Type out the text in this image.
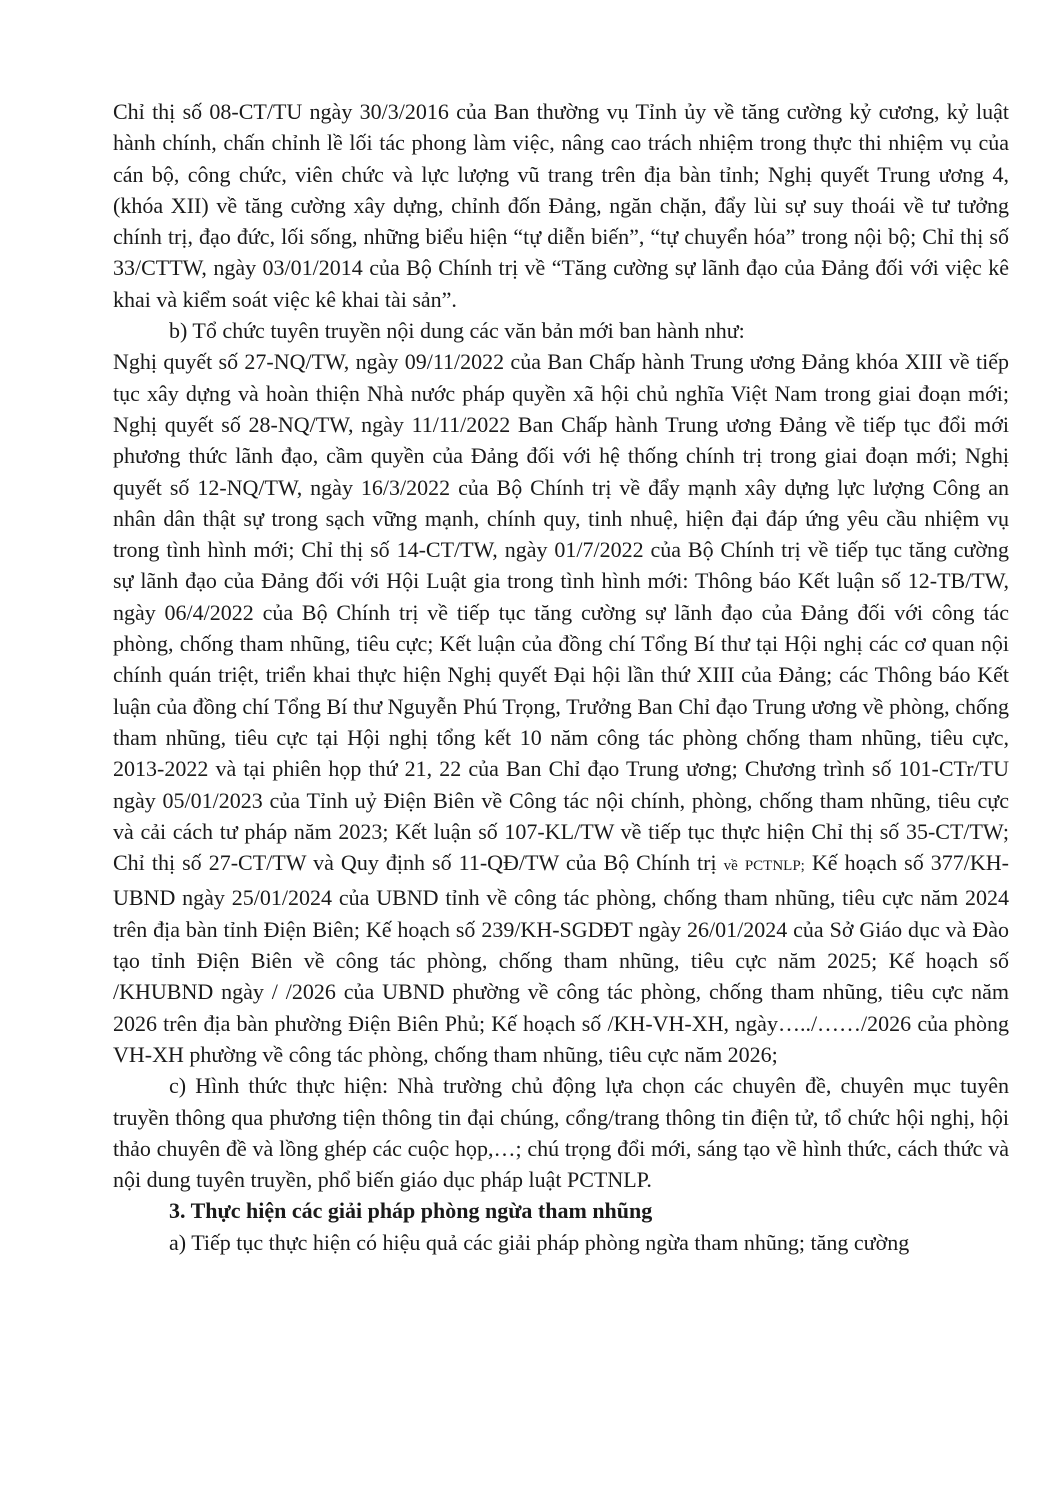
Chỉ thị số 08-CT/TU ngày 30/3/2016 của Ban thường vụ Tỉnh ủy về tăng cường kỷ cương, kỷ luật hành chính, chấn chỉnh lề lối tác phong làm việc, nâng cao trách nhiệm trong thực thi nhiệm vụ của cán bộ, công chức, viên chức và lực lượng vũ trang trên địa bàn tỉnh; Nghị quyết Trung ương 4, (khóa XII) về tăng cường xây dựng, chỉnh đốn Đảng, ngăn chặn, đẩy lùi sự suy thoái về tư tưởng chính trị, đạo đức, lối sống, những biểu hiện “tự diễn biến”, “tự chuyển hóa” trong nội bộ; Chỉ thị số 33/CTTW, ngày 03/01/2014 của Bộ Chính trị về “Tăng cường sự lãnh đạo của Đảng đối với việc kê khai và kiểm soát việc kê khai tài sản”.

b) Tổ chức tuyên truyền nội dung các văn bản mới ban hành như:

Nghị quyết số 27-NQ/TW, ngày 09/11/2022 của Ban Chấp hành Trung ương Đảng khóa XIII về tiếp tục xây dựng và hoàn thiện Nhà nước pháp quyền xã hội chủ nghĩa Việt Nam trong giai đoạn mới; Nghị quyết số 28-NQ/TW, ngày 11/11/2022 Ban Chấp hành Trung ương Đảng về tiếp tục đổi mới phương thức lãnh đạo, cầm quyền của Đảng đối với hệ thống chính trị trong giai đoạn mới; Nghị quyết số 12-NQ/TW, ngày 16/3/2022 của Bộ Chính trị về đẩy mạnh xây dựng lực lượng Công an nhân dân thật sự trong sạch vững mạnh, chính quy, tinh nhuệ, hiện đại đáp ứng yêu cầu nhiệm vụ trong tình hình mới; Chỉ thị số 14-CT/TW, ngày 01/7/2022 của Bộ Chính trị về tiếp tục tăng cường sự lãnh đạo của Đảng đối với Hội Luật gia trong tình hình mới: Thông báo Kết luận số 12-TB/TW, ngày 06/4/2022 của Bộ Chính trị về tiếp tục tăng cường sự lãnh đạo của Đảng đối với công tác phòng, chống tham nhũng, tiêu cực; Kết luận của đồng chí Tổng Bí thư tại Hội nghị các cơ quan nội chính quán triệt, triển khai thực hiện Nghị quyết Đại hội lần thứ XIII của Đảng; các Thông báo Kết luận của đồng chí Tổng Bí thư Nguyễn Phú Trọng, Trưởng Ban Chỉ đạo Trung ương về phòng, chống tham nhũng, tiêu cực tại Hội nghị tổng kết 10 năm công tác phòng chống tham nhũng, tiêu cực, 2013-2022 và tại phiên họp thứ 21, 22 của Ban Chỉ đạo Trung ương; Chương trình số 101-CTr/TU ngày 05/01/2023 của Tỉnh uỷ Điện Biên về Công tác nội chính, phòng, chống tham nhũng, tiêu cực và cải cách tư pháp năm 2023; Kết luận số 107-KL/TW về tiếp tục thực hiện Chỉ thị số 35-CT/TW; Chỉ thị số 27-CT/TW và Quy định số 11-QĐ/TW của Bộ Chính trị về PCTNLP; Kế hoạch số 377/KH-UBND ngày 25/01/2024 của UBND tỉnh về công tác phòng, chống tham nhũng, tiêu cực năm 2024 trên địa bàn tỉnh Điện Biên; Kế hoạch số 239/KH-SGDĐT ngày 26/01/2024 của Sở Giáo dục và Đào tạo tỉnh Điện Biên về công tác phòng, chống tham nhũng, tiêu cực năm 2025; Kế hoạch số /KHUBND ngày / /2026 của UBND phường về công tác phòng, chống tham nhũng, tiêu cực năm 2026 trên địa bàn phường Điện Biên Phủ; Kế hoạch số /KH-VH-XH, ngày…../……/2026 của phòng VH-XH phường về công tác phòng, chống tham nhũng, tiêu cực năm 2026;

c) Hình thức thực hiện: Nhà trường chủ động lựa chọn các chuyên đề, chuyên mục tuyên truyền thông qua phương tiện thông tin đại chúng, cổng/trang thông tin điện tử, tổ chức hội nghị, hội thảo chuyên đề và lồng ghép các cuộc họp,…; chú trọng đổi mới, sáng tạo về hình thức, cách thức và nội dung tuyên truyền, phổ biến giáo dục pháp luật PCTNLP.

3. Thực hiện các giải pháp phòng ngừa tham nhũng

a) Tiếp tục thực hiện có hiệu quả các giải pháp phòng ngừa tham nhũng; tăng cường
